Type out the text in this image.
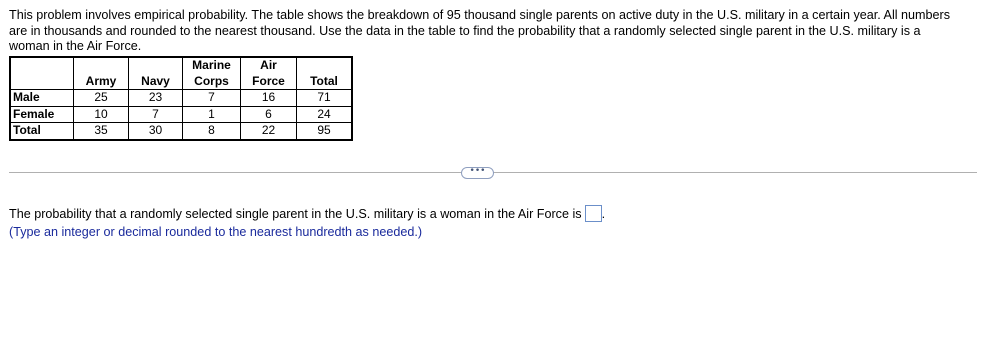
This problem involves empirical probability. The table shows the breakdown of 95 thousand single parents on active duty in the U.S. military in a certain year. All numbers are in thousands and rounded to the nearest thousand. Use the data in the table to find the probability that a randomly selected single parent in the U.S. military is a woman in the Air Force.

			Marine	Air	
	Army	Navy	Corps	Force	Total
Male	25	23	7	16	71
Female	10	7	1	6	24
Total	35	30	8	22	95
•••
The probability that a randomly selected single parent in the U.S. military is a woman in the Air Force is .
(Type an integer or decimal rounded to the nearest hundredth as needed.)
